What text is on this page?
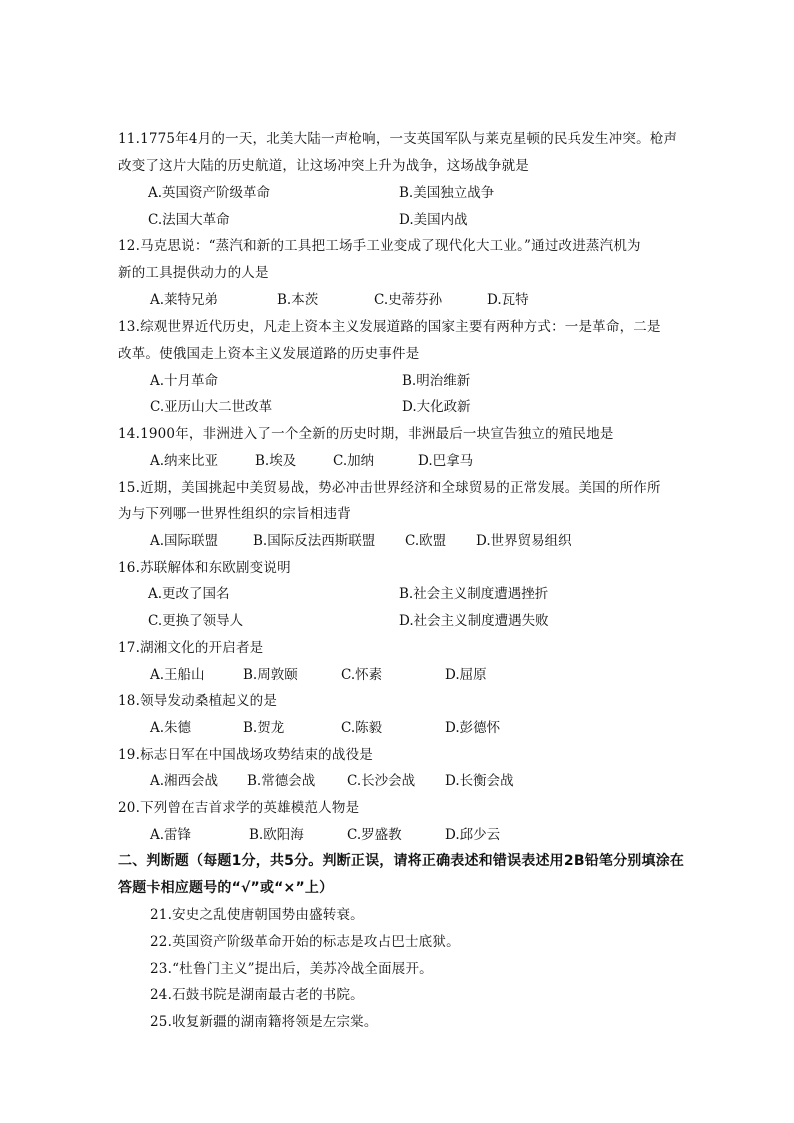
11.1775年4月的一天，北美大陆一声枪响，一支英国军队与莱克星顿的民兵发生冲突。枪声
改变了这片大陆的历史航道，让这场冲突上升为战争，这场战争就是
A.英国资产阶级革命	B.美国独立战争
C.法国大革命	D.美国内战
12.马克思说：“蒸汽和新的工具把工场手工业变成了现代化大工业。”通过改进蒸汽机为
新的工具提供动力的人是
A.莱特兄弟	B.本茨	C.史蒂芬孙	D.瓦特
13.综观世界近代历史，凡走上资本主义发展道路的国家主要有两种方式：一是革命，二是
改革。使俄国走上资本主义发展道路的历史事件是
A.十月革命	B.明治维新
C.亚历山大二世改革	D.大化政新
14.1900年，非洲进入了一个全新的历史时期，非洲最后一块宣告独立的殖民地是
A.纳来比亚	B.埃及	C.加纳	D.巴拿马
15.近期，美国挑起中美贸易战，势必冲击世界经济和全球贸易的正常发展。美国的所作所
为与下列哪一世界性组织的宗旨相违背
A.国际联盟	B.国际反法西斯联盟 C.欧盟 D.世界贸易组织
16.苏联解体和东欧剧变说明
A.更改了国名	B.社会主义制度遭遇挫折
C.更换了领导人	D.社会主义制度遭遇失败
17.湖湘文化的开启者是
A.王船山	B.周敦颐	C.怀素	D.屈原
18.领导发动桑植起义的是
A.朱德	B.贺龙	C.陈毅	D.彭德怀
19.标志日军在中国战场攻势结束的战役是
A.湘西会战 B.常德会战 C.长沙会战 D.长衡会战
20.下列曾在吉首求学的英雄模范人物是
A.雷锋	B.欧阳海	C.罗盛教	D.邱少云
二、判断题（每题1分，共5分。判断正误，请将正确表述和错误表述用2B铅笔分别填涂在
答题卡相应题号的“√”或“×”上）
21.安史之乱使唐朝国势由盛转衰。
22.英国资产阶级革命开始的标志是攻占巴士底狱。
23.“杜鲁门主义”提出后，美苏冷战全面展开。
24.石鼓书院是湖南最古老的书院。
25.收复新疆的湖南籍将领是左宗棠。
